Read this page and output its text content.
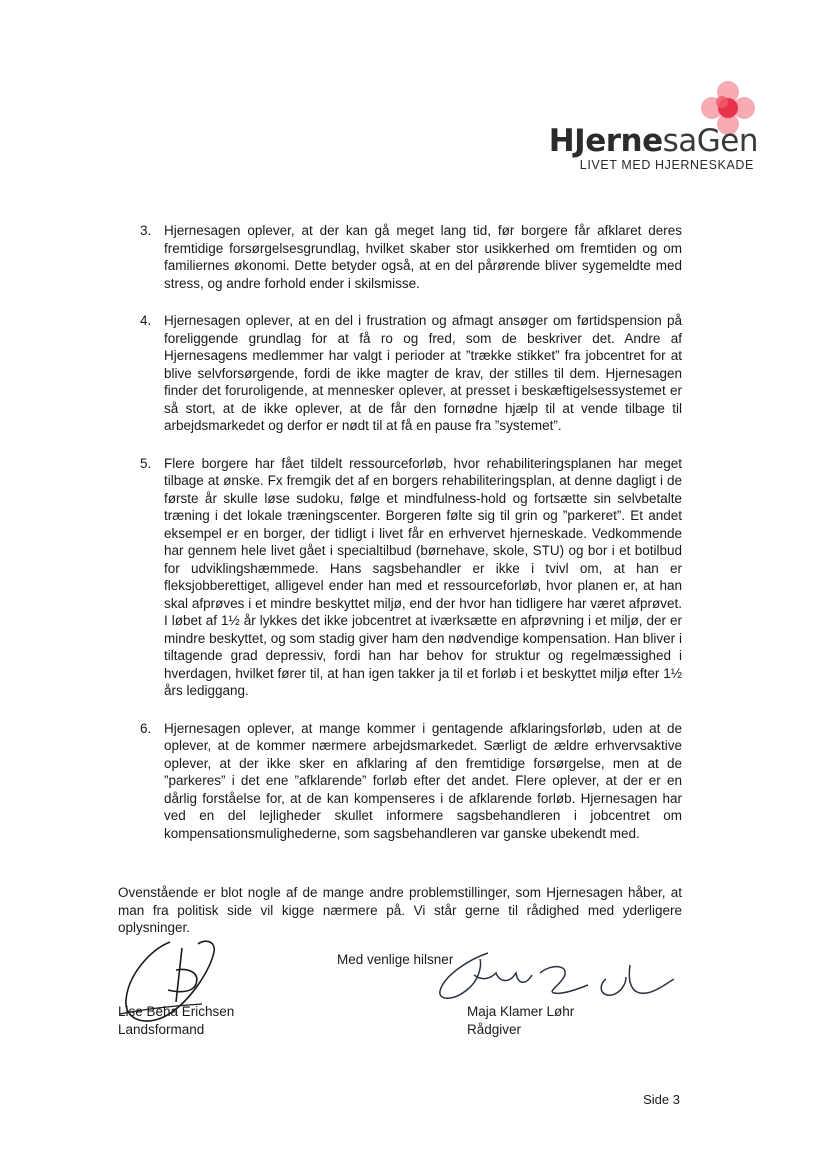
HJernesaGen
LIVET MED HJERNESKADE
3. Hjernesagen oplever, at der kan gå meget lang tid, før borgere får afklaret deres fremtidige forsørgelsesgrundlag, hvilket skaber stor usikkerhed om fremtiden og om familiernes økonomi. Dette betyder også, at en del pårørende bliver sygemeldte med stress, og andre forhold ender i skilsmisse.

4. Hjernesagen oplever, at en del i frustration og afmagt ansøger om førtidspension på foreliggende grundlag for at få ro og fred, som de beskriver det. Andre af Hjernesagens medlemmer har valgt i perioder at ”trække stikket” fra jobcentret for at blive selvforsørgende, fordi de ikke magter de krav, der stilles til dem. Hjernesagen finder det foruroligende, at mennesker oplever, at presset i beskæftigelsessystemet er så stort, at de ikke oplever, at de får den fornødne hjælp til at vende tilbage til arbejdsmarkedet og derfor er nødt til at få en pause fra ”systemet”.

5. Flere borgere har fået tildelt ressourceforløb, hvor rehabiliteringsplanen har meget tilbage at ønske. Fx fremgik det af en borgers rehabiliteringsplan, at denne dagligt i de første år skulle løse sudoku, følge et mindfulness-hold og fortsætte sin selvbetalte træning i det lokale træningscenter. Borgeren følte sig til grin og ”parkeret”. Et andet eksempel er en borger, der tidligt i livet får en erhvervet hjerneskade. Vedkommende har gennem hele livet gået i specialtilbud (børnehave, skole, STU) og bor i et botilbud for udviklingshæmmede. Hans sagsbehandler er ikke i tvivl om, at han er fleksjobberettiget, alligevel ender han med et ressourceforløb, hvor planen er, at han skal afprøves i et mindre beskyttet miljø, end der hvor han tidligere har været afprøvet. I løbet af 1½ år lykkes det ikke jobcentret at iværksætte en afprøvning i et miljø, der er mindre beskyttet, og som stadig giver ham den nødvendige kompensation. Han bliver i tiltagende grad depressiv, fordi han har behov for struktur og regelmæssighed i hverdagen, hvilket fører til, at han igen takker ja til et forløb i et beskyttet miljø efter 1½ års lediggang.

6. Hjernesagen oplever, at mange kommer i gentagende afklaringsforløb, uden at de oplever, at de kommer nærmere arbejdsmarkedet. Særligt de ældre erhvervsaktive oplever, at der ikke sker en afklaring af den fremtidige forsørgelse, men at de ”parkeres” i det ene ”afklarende” forløb efter det andet. Flere oplever, at der er en dårlig forståelse for, at de kan kompenseres i de afklarende forløb. Hjernesagen har ved en del lejligheder skullet informere sagsbehandleren i jobcentret om kompensationsmulighederne, som sagsbehandleren var ganske ubekendt med.

Ovenstående er blot nogle af de mange andre problemstillinger, som Hjernesagen håber, at man fra politisk side vil kigge nærmere på. Vi står gerne til rådighed med yderligere oplysninger.

Med venlige hilsner
Lise Beha Erichsen
Landsformand
Maja Klamer Løhr
Rådgiver
Side 3
